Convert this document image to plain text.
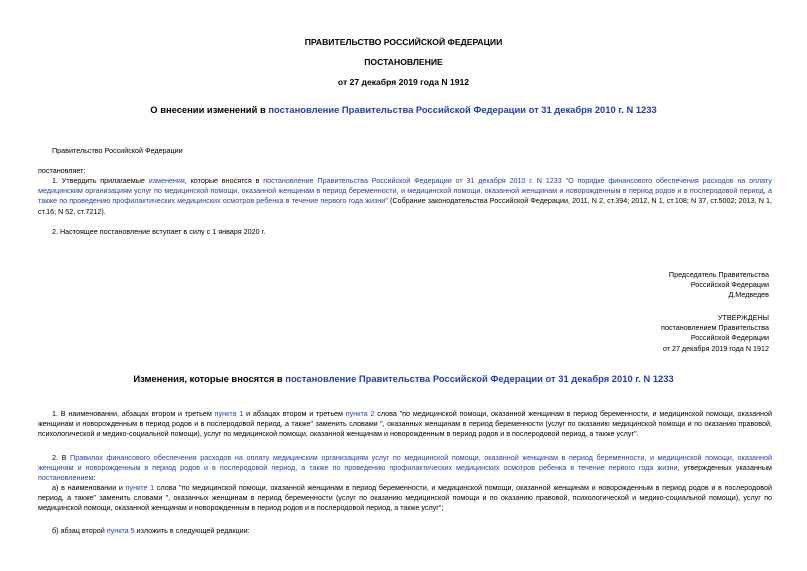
ПРАВИТЕЛЬСТВО РОССИЙСКОЙ ФЕДЕРАЦИИ
ПОСТАНОВЛЕНИЕ
от 27 декабря 2019 года N 1912
О внесении изменений в постановление Правительства Российской Федерации от 31 декабря 2010 г. N 1233
Правительство Российской Федерации
постановляет:
1. Утвердить прилагаемые изменения, которые вносятся в постановление Правительства Российской Федерации от 31 декабря 2010 г. N 1233 "О порядке финансового обеспечения расходов на оплату медицинским организациям услуг по медицинской помощи, оказанной женщинам в период беременности, и медицинской помощи, оказанной женщинам и новорожденным в период родов и в послеродовой период, а также по проведению профилактических медицинских осмотров ребенка в течение первого года жизни" (Собрание законодательства Российской Федерации, 2011, N 2, ст.394; 2012, N 1, ст.108; N 37, ст.5002; 2013, N 1, ст.16; N 52, ст.7212).
2. Настоящее постановление вступает в силу с 1 января 2020 г.
Председатель Правительства
Российской Федерации
Д.Медведев
УТВЕРЖДЕНЫ
постановлением Правительства
Российской Федерации
от 27 декабря 2019 года N 1912
Изменения, которые вносятся в постановление Правительства Российской Федерации от 31 декабря 2010 г. N 1233
1. В наименовании, абзацах втором и третьем пункта 1 и абзацах втором и третьем пункта 2 слова "по медицинской помощи, оказанной женщинам в период беременности, и медицинской помощи, оказанной женщинам и новорожденным в период родов и в послеродовой период, а также" заменить словами ", оказанных женщинам в период беременности (услуг по оказанию медицинской помощи и по оказанию правовой, психологической и медико-социальной помощи), услуг по медицинской помощи, оказанной женщинам и новорожденным в период родов и в послеродовой период, а также услуг".
2. В Правилах финансового обеспечения расходов на оплату медицинским организациям услуг по медицинской помощи, оказанной женщинам в период беременности, и медицинской помощи, оказанной женщинам и новорожденным в период родов и в послеродовой период, а также по проведению профилактических медицинских осмотров ребенка в течение первого года жизни, утвержденных указанным постановлением:
а) в наименовании и пункте 1 слова "по медицинской помощи, оказанной женщинам в период беременности, и медицинской помощи, оказанной женщинам и новорожденным в период родов и в послеродовой период, а также" заменить словами ", оказанных женщинам в период беременности (услуг по оказанию медицинской помощи и по оказанию правовой, психологической и медико-социальной помощи), услуг по медицинской помощи, оказанной женщинам и новорожденным в период родов и в послеродовой период, а также услуг";
б) абзац второй пункта 5 изложить в следующей редакции:
